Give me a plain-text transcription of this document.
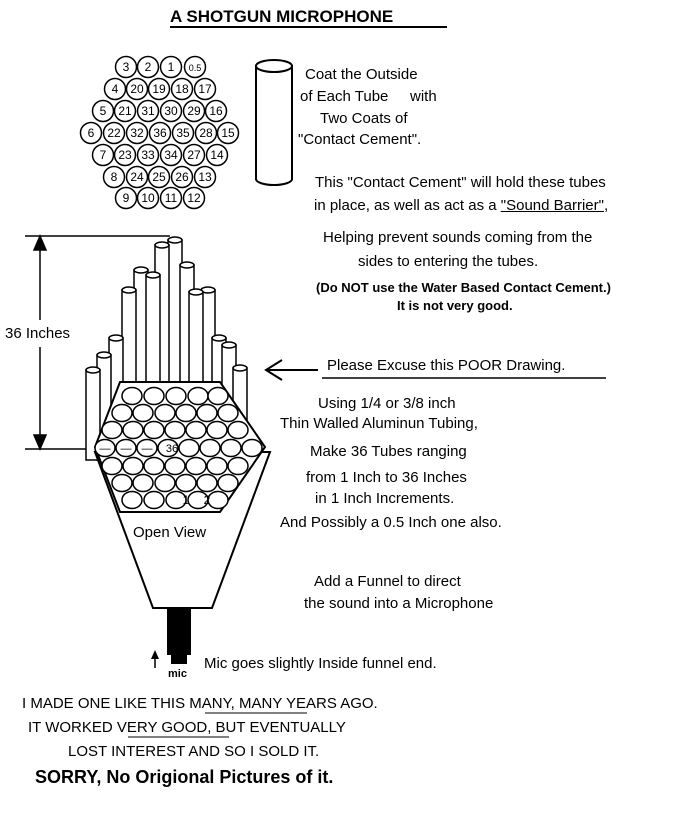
3 2 1 0.5
4 20 19 18 17
5 21 31 30 29 16
6 22 32 36 35 28 15
7 23 33 34 27 14
8 24 25 26 13
9 10 11 12
— — — 36
1 2
A SHOTGUN MICROPHONE
Coat the Outside
of Each Tube with
Two Coats of
"Contact Cement".
This "Contact Cement" will hold these tubes
in place, as well as act as a "Sound Barrier",
Helping prevent sounds coming from the
sides to entering the tubes.
(Do NOT use the Water Based Contact Cement.)
It is not very good.
36 Inches
Please Excuse this POOR Drawing.
Using 1/4 or 3/8 inch
Thin Walled Aluminun Tubing,
Make 36 Tubes ranging
from 1 Inch to 36 Inches
in 1 Inch Increments.
And Possibly a 0.5 Inch one also.
Open View
Add a Funnel to direct
the sound into a Microphone
mic
Mic goes slightly Inside funnel end.
I MADE ONE LIKE THIS MANY, MANY YEARS AGO.
IT WORKED VERY GOOD, BUT EVENTUALLY
LOST INTEREST AND SO I SOLD IT.
SORRY, No Origional Pictures of it.
